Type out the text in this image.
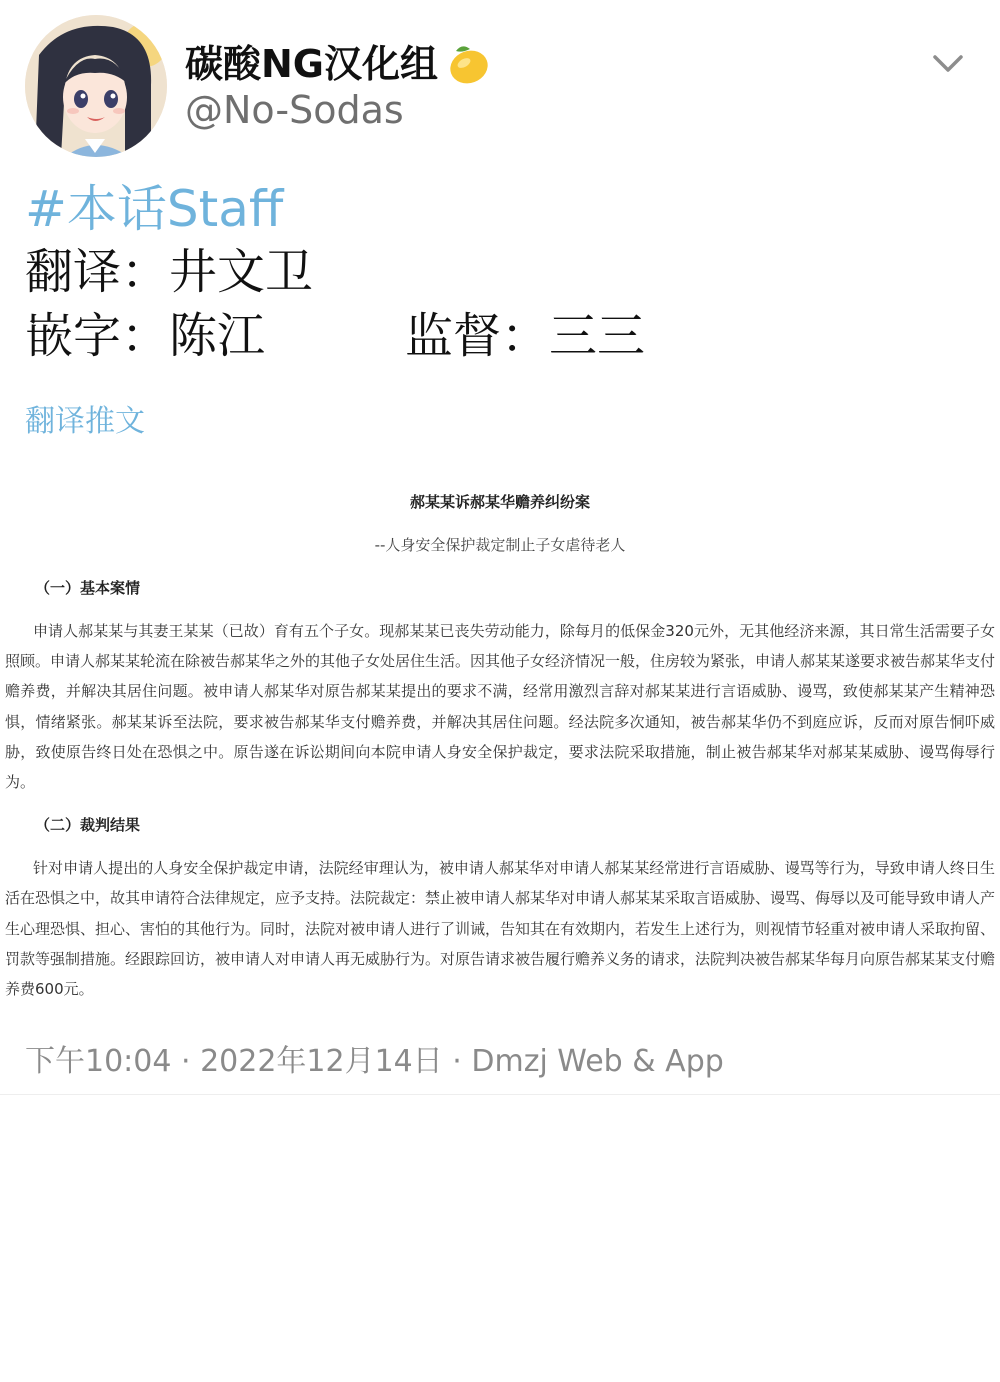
碳酸NG汉化组
@No-Sodas
#本话Staff
翻译：井文卫
嵌字：陈江	监督：三三
翻译推文
郝某某诉郝某华赡养纠纷案
--人身安全保护裁定制止子女虐待老人
（一）基本案情
申请人郝某某与其妻王某某（已故）育有五个子女。现郝某某已丧失劳动能力，除每月的低保金320元外，无其他经济来源，其日常生活需要子女照顾。申请人郝某某轮流在除被告郝某华之外的其他子女处居住生活。因其他子女经济情况一般，住房较为紧张，申请人郝某某遂要求被告郝某华支付赡养费，并解决其居住问题。被申请人郝某华对原告郝某某提出的要求不满，经常用激烈言辞对郝某某进行言语威胁、谩骂，致使郝某某产生精神恐惧，情绪紧张。郝某某诉至法院，要求被告郝某华支付赡养费，并解决其居住问题。经法院多次通知，被告郝某华仍不到庭应诉，反而对原告恫吓威胁，致使原告终日处在恐惧之中。原告遂在诉讼期间向本院申请人身安全保护裁定，要求法院采取措施，制止被告郝某华对郝某某威胁、谩骂侮辱行为。
（二）裁判结果
针对申请人提出的人身安全保护裁定申请，法院经审理认为，被申请人郝某华对申请人郝某某经常进行言语威胁、谩骂等行为，导致申请人终日生活在恐惧之中，故其申请符合法律规定，应予支持。法院裁定：禁止被申请人郝某华对申请人郝某某采取言语威胁、谩骂、侮辱以及可能导致申请人产生心理恐惧、担心、害怕的其他行为。同时，法院对被申请人进行了训诫，告知其在有效期内，若发生上述行为，则视情节轻重对被申请人采取拘留、罚款等强制措施。经跟踪回访，被申请人对申请人再无威胁行为。对原告请求被告履行赡养义务的请求，法院判决被告郝某华每月向原告郝某某支付赡养费600元。
下午10:04 · 2022年12月14日 · Dmzj Web & App
